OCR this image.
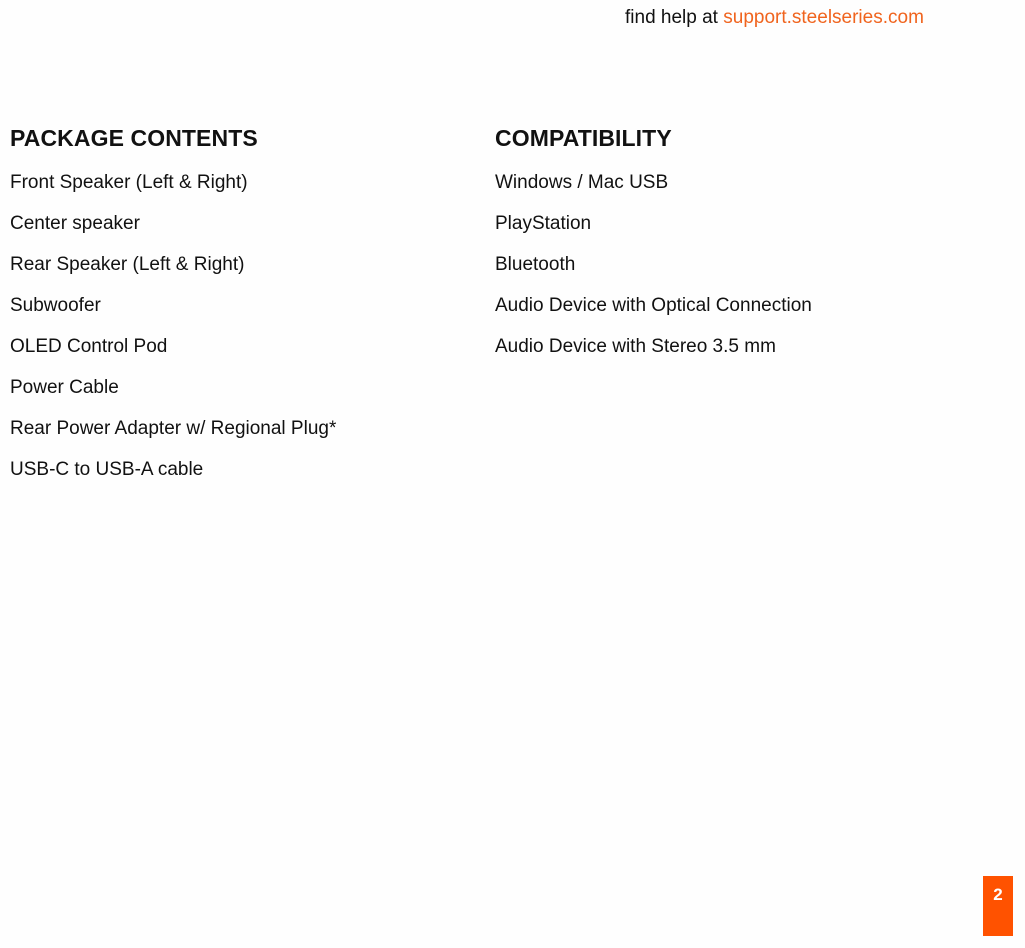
find help at support.steelseries.com
PACKAGE CONTENTS
Front Speaker (Left & Right)
Center speaker
Rear Speaker (Left & Right)
Subwoofer
OLED Control Pod
Power Cable
Rear Power Adapter w/ Regional Plug*
USB-C to USB-A cable
COMPATIBILITY
Windows / Mac USB
PlayStation
Bluetooth
Audio Device with Optical Connection
Audio Device with Stereo 3.5 mm
2
